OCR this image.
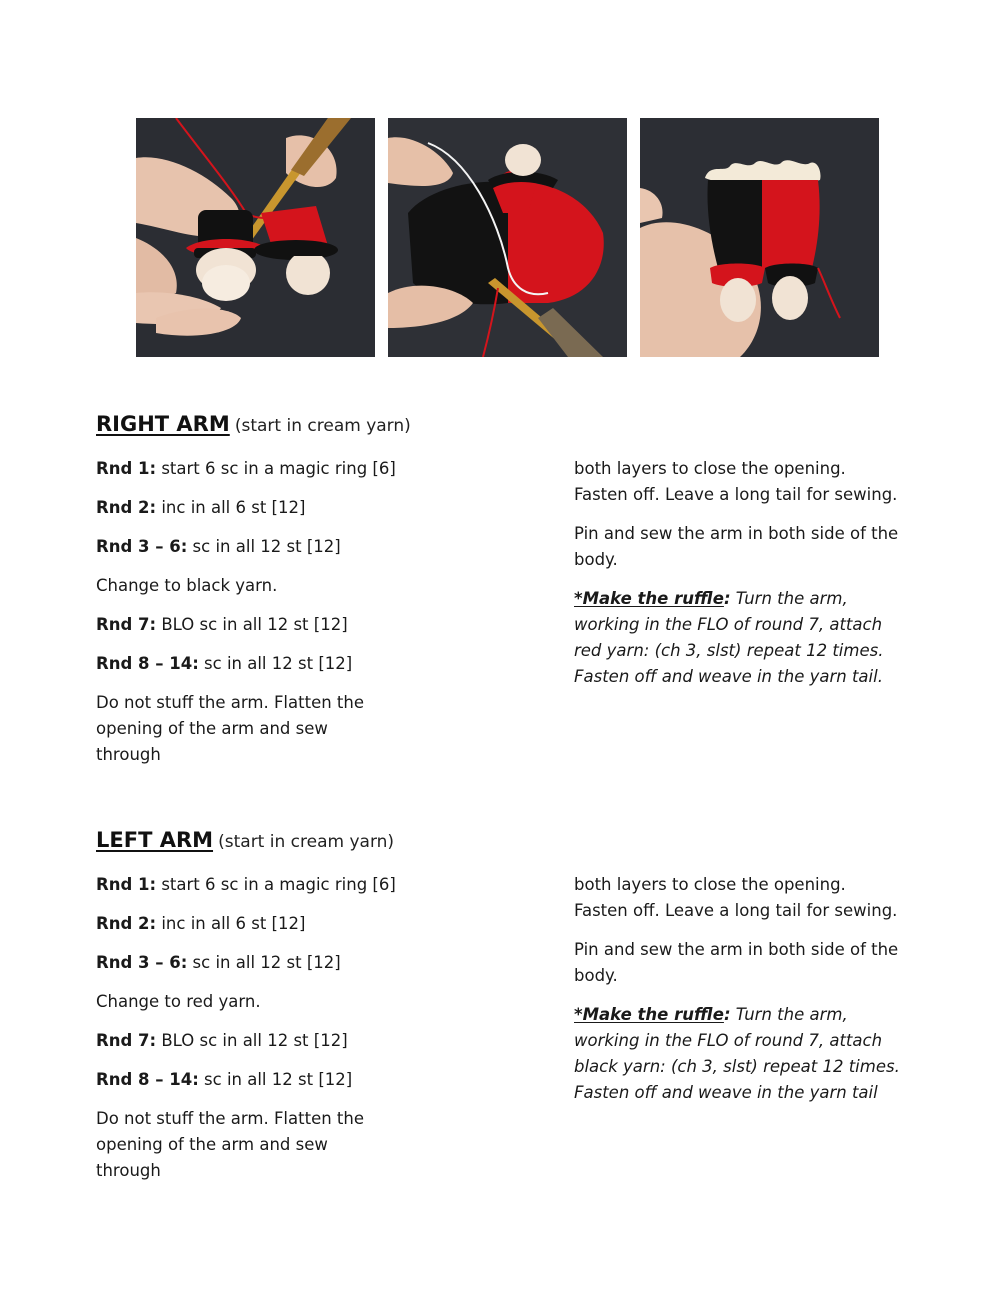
RIGHT ARM (start in cream yarn)
Rnd 1: start 6 sc in a magic ring [6]
Rnd 2: inc in all 6 st [12]
Rnd 3 – 6: sc in all 12 st [12]
Change to black yarn.
Rnd 7: BLO sc in all 12 st [12]
Rnd 8 – 14: sc in all 12 st [12]
Do not stuff the arm. Flatten the opening of the arm and sew through
both layers to close the opening. Fasten off. Leave a long tail for sewing.
Pin and sew the arm in both side of the body.
*Make the ruffle: Turn the arm, working in the FLO of round 7, attach red yarn: (ch 3, slst) repeat 12 times. Fasten off and weave in the yarn tail.
LEFT ARM (start in cream yarn)
Rnd 1: start 6 sc in a magic ring [6]
Rnd 2: inc in all 6 st [12]
Rnd 3 – 6: sc in all 12 st [12]
Change to red yarn.
Rnd 7: BLO sc in all 12 st [12]
Rnd 8 – 14: sc in all 12 st [12]
Do not stuff the arm. Flatten the opening of the arm and sew through
both layers to close the opening. Fasten off. Leave a long tail for sewing.
Pin and sew the arm in both side of the body.
*Make the ruffle: Turn the arm, working in the FLO of round 7, attach black yarn: (ch 3, slst) repeat 12 times. Fasten off and weave in the yarn tail
